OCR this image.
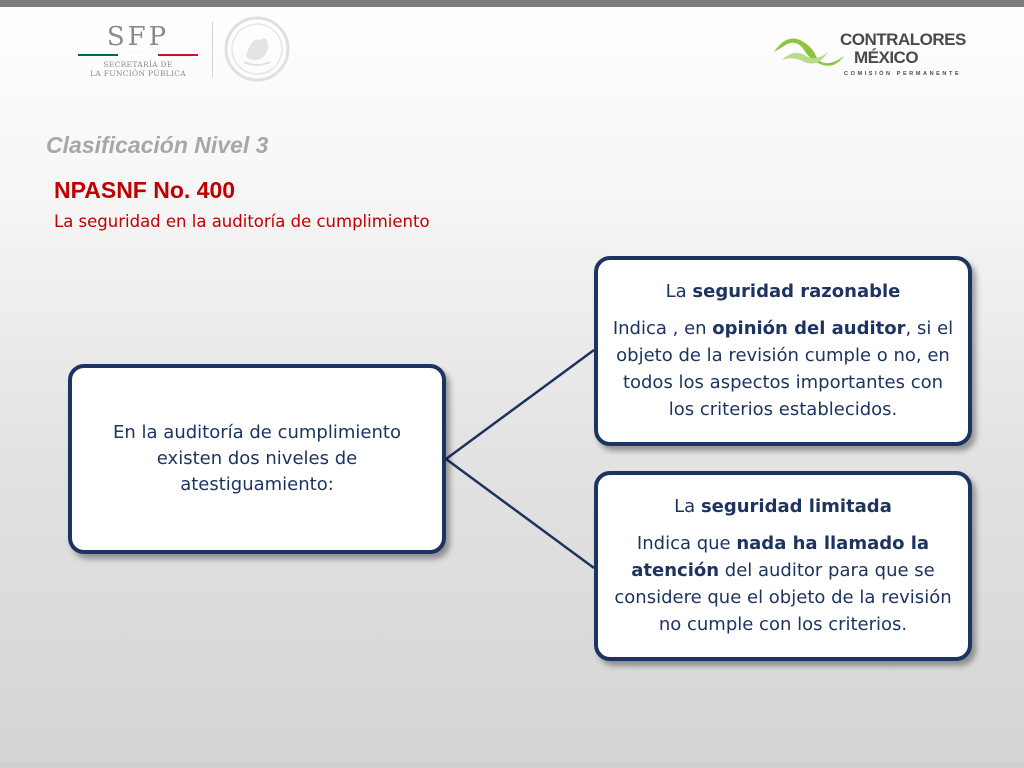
SFP
SECRETARÍA DE
LA FUNCIÓN PÚBLICA
CONTRALORES
MÉXICO
COMISIÓN PERMANENTE
Clasificación Nivel 3
NPASNF No. 400
La seguridad en la auditoría de cumplimiento
En la auditoría de cumplimiento existen dos niveles de atestiguamiento:
La seguridad razonable
Indica , en opinión del auditor, si el objeto de la revisión cumple o no, en todos los aspectos importantes con los criterios establecidos.
La seguridad limitada
Indica que nada ha llamado la atención del auditor para que se considere que el objeto de la revisión no cumple con los criterios.
